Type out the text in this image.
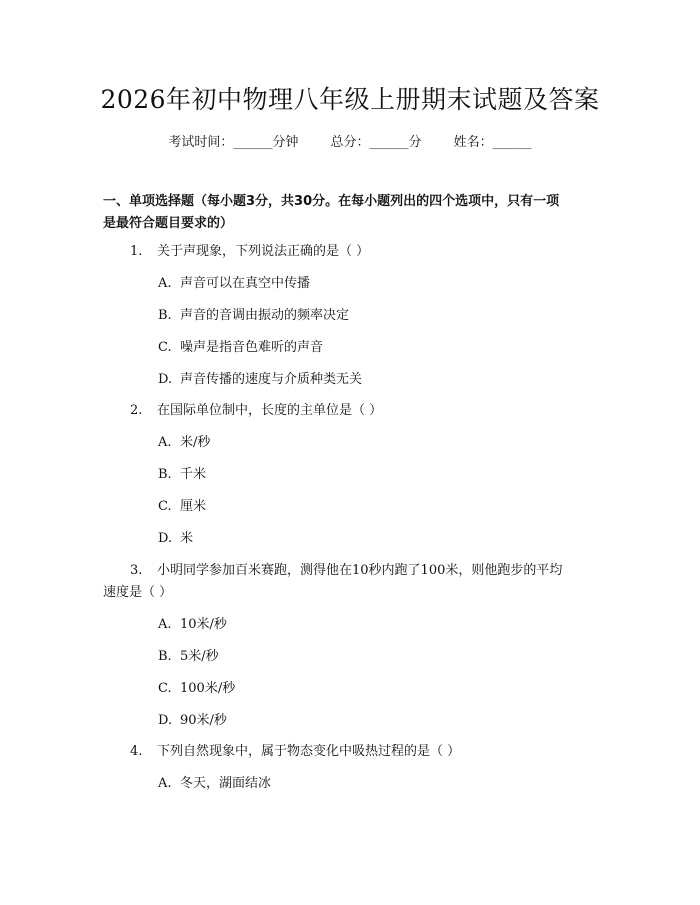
2026年初中物理八年级上册期末试题及答案
考试时间：______分钟 总分：______分 姓名：______
一、单项选择题（每小题3分，共30分。在每小题列出的四个选项中，只有一项
是最符合题目要求的）
1. 关于声现象，下列说法正确的是（ ）
A. 声音可以在真空中传播
B. 声音的音调由振动的频率决定
C. 噪声是指音色难听的声音
D. 声音传播的速度与介质种类无关
2. 在国际单位制中，长度的主单位是（ ）
A. 米/秒
B. 千米
C. 厘米
D. 米
3. 小明同学参加百米赛跑，测得他在10秒内跑了100米，则他跑步的平均
速度是（ ）
A. 10米/秒
B. 5米/秒
C. 100米/秒
D. 90米/秒
4. 下列自然现象中，属于物态变化中吸热过程的是（ ）
A. 冬天，湖面结冰
